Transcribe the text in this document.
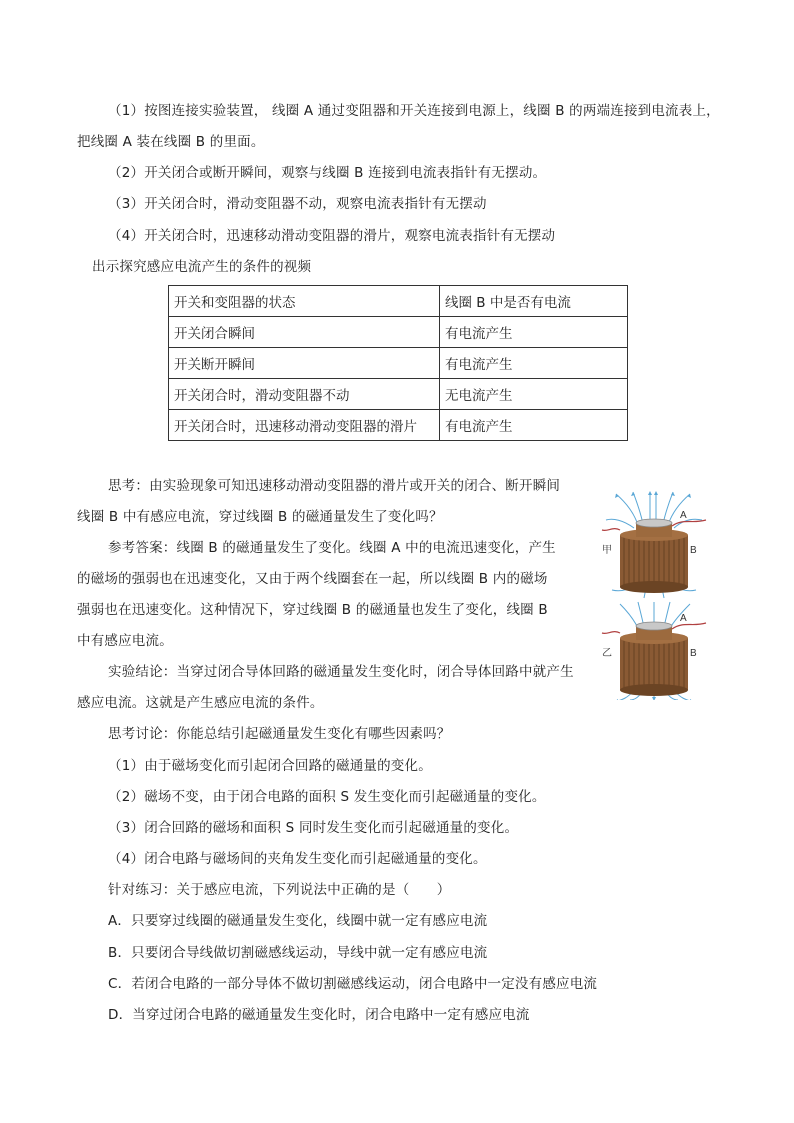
（1）按图连接实验装置， 线圈 A 通过变阻器和开关连接到电源上，线圈 B 的两端连接到电流表上，
把线圈 A 装在线圈 B 的里面。
（2）开关闭合或断开瞬间，观察与线圈 B 连接到电流表指针有无摆动。
（3）开关闭合时，滑动变阻器不动，观察电流表指针有无摆动
（4）开关闭合时，迅速移动滑动变阻器的滑片，观察电流表指针有无摆动
出示探究感应电流产生的条件的视频
开关和变阻器的状态	线圈 B 中是否有电流
开关闭合瞬间	有电流产生
开关断开瞬间	有电流产生
开关闭合时，滑动变阻器不动	无电流产生
开关闭合时，迅速移动滑动变阻器的滑片	有电流产生
思考：由实验现象可知迅速移动滑动变阻器的滑片或开关的闭合、断开瞬间
线圈 B 中有感应电流，穿过线圈 B 的磁通量发生了变化吗？
参考答案：线圈 B 的磁通量发生了变化。线圈 A 中的电流迅速变化，产生
的磁场的强弱也在迅速变化，又由于两个线圈套在一起，所以线圈 B 内的磁场
强弱也在迅速变化。这种情况下，穿过线圈 B 的磁通量也发生了变化，线圈 B
中有感应电流。
实验结论：当穿过闭合导体回路的磁通量发生变化时，闭合导体回路中就产生
感应电流。这就是产生感应电流的条件。
思考讨论：你能总结引起磁通量发生变化有哪些因素吗？
（1）由于磁场变化而引起闭合回路的磁通量的变化。
（2）磁场不变，由于闭合电路的面积 S 发生变化而引起磁通量的变化。
（3）闭合回路的磁场和面积 S 同时发生变化而引起磁通量的变化。
（4）闭合电路与磁场间的夹角发生变化而引起磁通量的变化。
针对练习：关于感应电流，下列说法中正确的是（　　）
A．只要穿过线圈的磁通量发生变化，线圈中就一定有感应电流
B．只要闭合导线做切割磁感线运动，导线中就一定有感应电流
C．若闭合电路的一部分导体不做切割磁感线运动，闭合电路中一定没有感应电流
D．当穿过闭合电路的磁通量发生变化时，闭合电路中一定有感应电流
A
B
甲
A
B
乙
